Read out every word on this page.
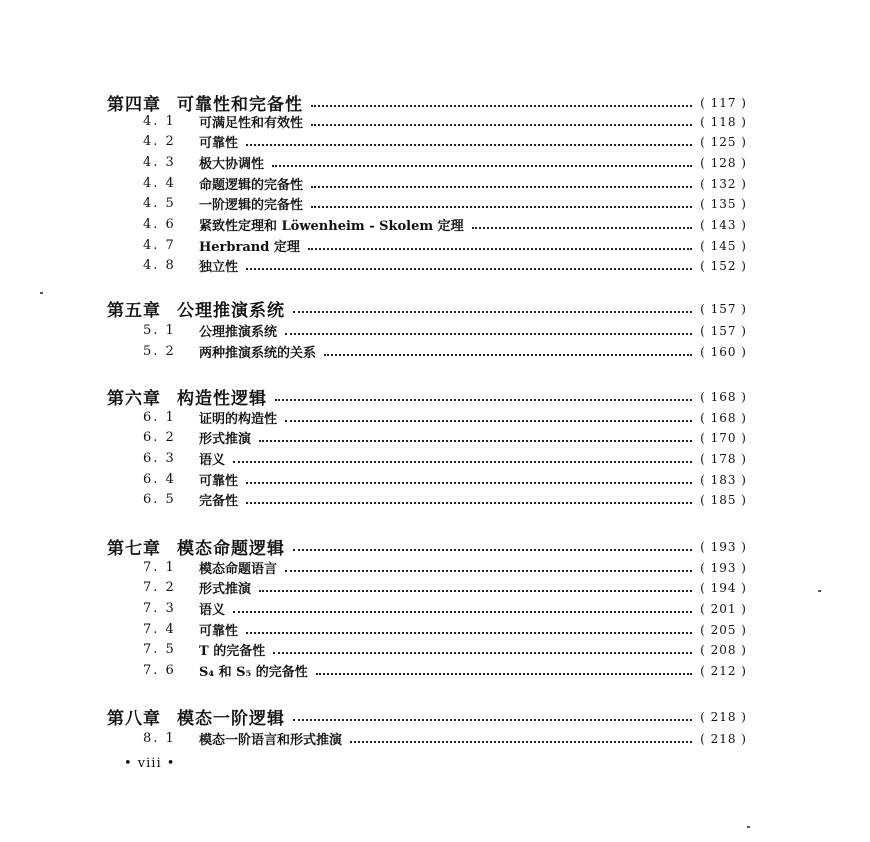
第四章 可靠性和完备性	( 117 )
4. 1	可满足性和有效性	( 118 )
4. 2	可靠性	( 125 )
4. 3	极大协调性	( 128 )
4. 4	命题逻辑的完备性	( 132 )
4. 5	一阶逻辑的完备性	( 135 )
4. 6	紧致性定理和 Löwenheim - Skolem 定理	( 143 )
4. 7	Herbrand 定理	( 145 )
4. 8	独立性	( 152 )
第五章 公理推演系统	( 157 )
5. 1	公理推演系统	( 157 )
5. 2	两种推演系统的关系	( 160 )
第六章 构造性逻辑	( 168 )
6. 1	证明的构造性	( 168 )
6. 2	形式推演	( 170 )
6. 3	语义	( 178 )
6. 4	可靠性	( 183 )
6. 5	完备性	( 185 )
第七章 模态命题逻辑	( 193 )
7. 1	模态命题语言	( 193 )
7. 2	形式推演	( 194 )
7. 3	语义	( 201 )
7. 4	可靠性	( 205 )
7. 5	T 的完备性	( 208 )
7. 6	S₄ 和 S₅ 的完备性	( 212 )
第八章 模态一阶逻辑	( 218 )
8. 1	模态一阶语言和形式推演	( 218 )
• viii •
